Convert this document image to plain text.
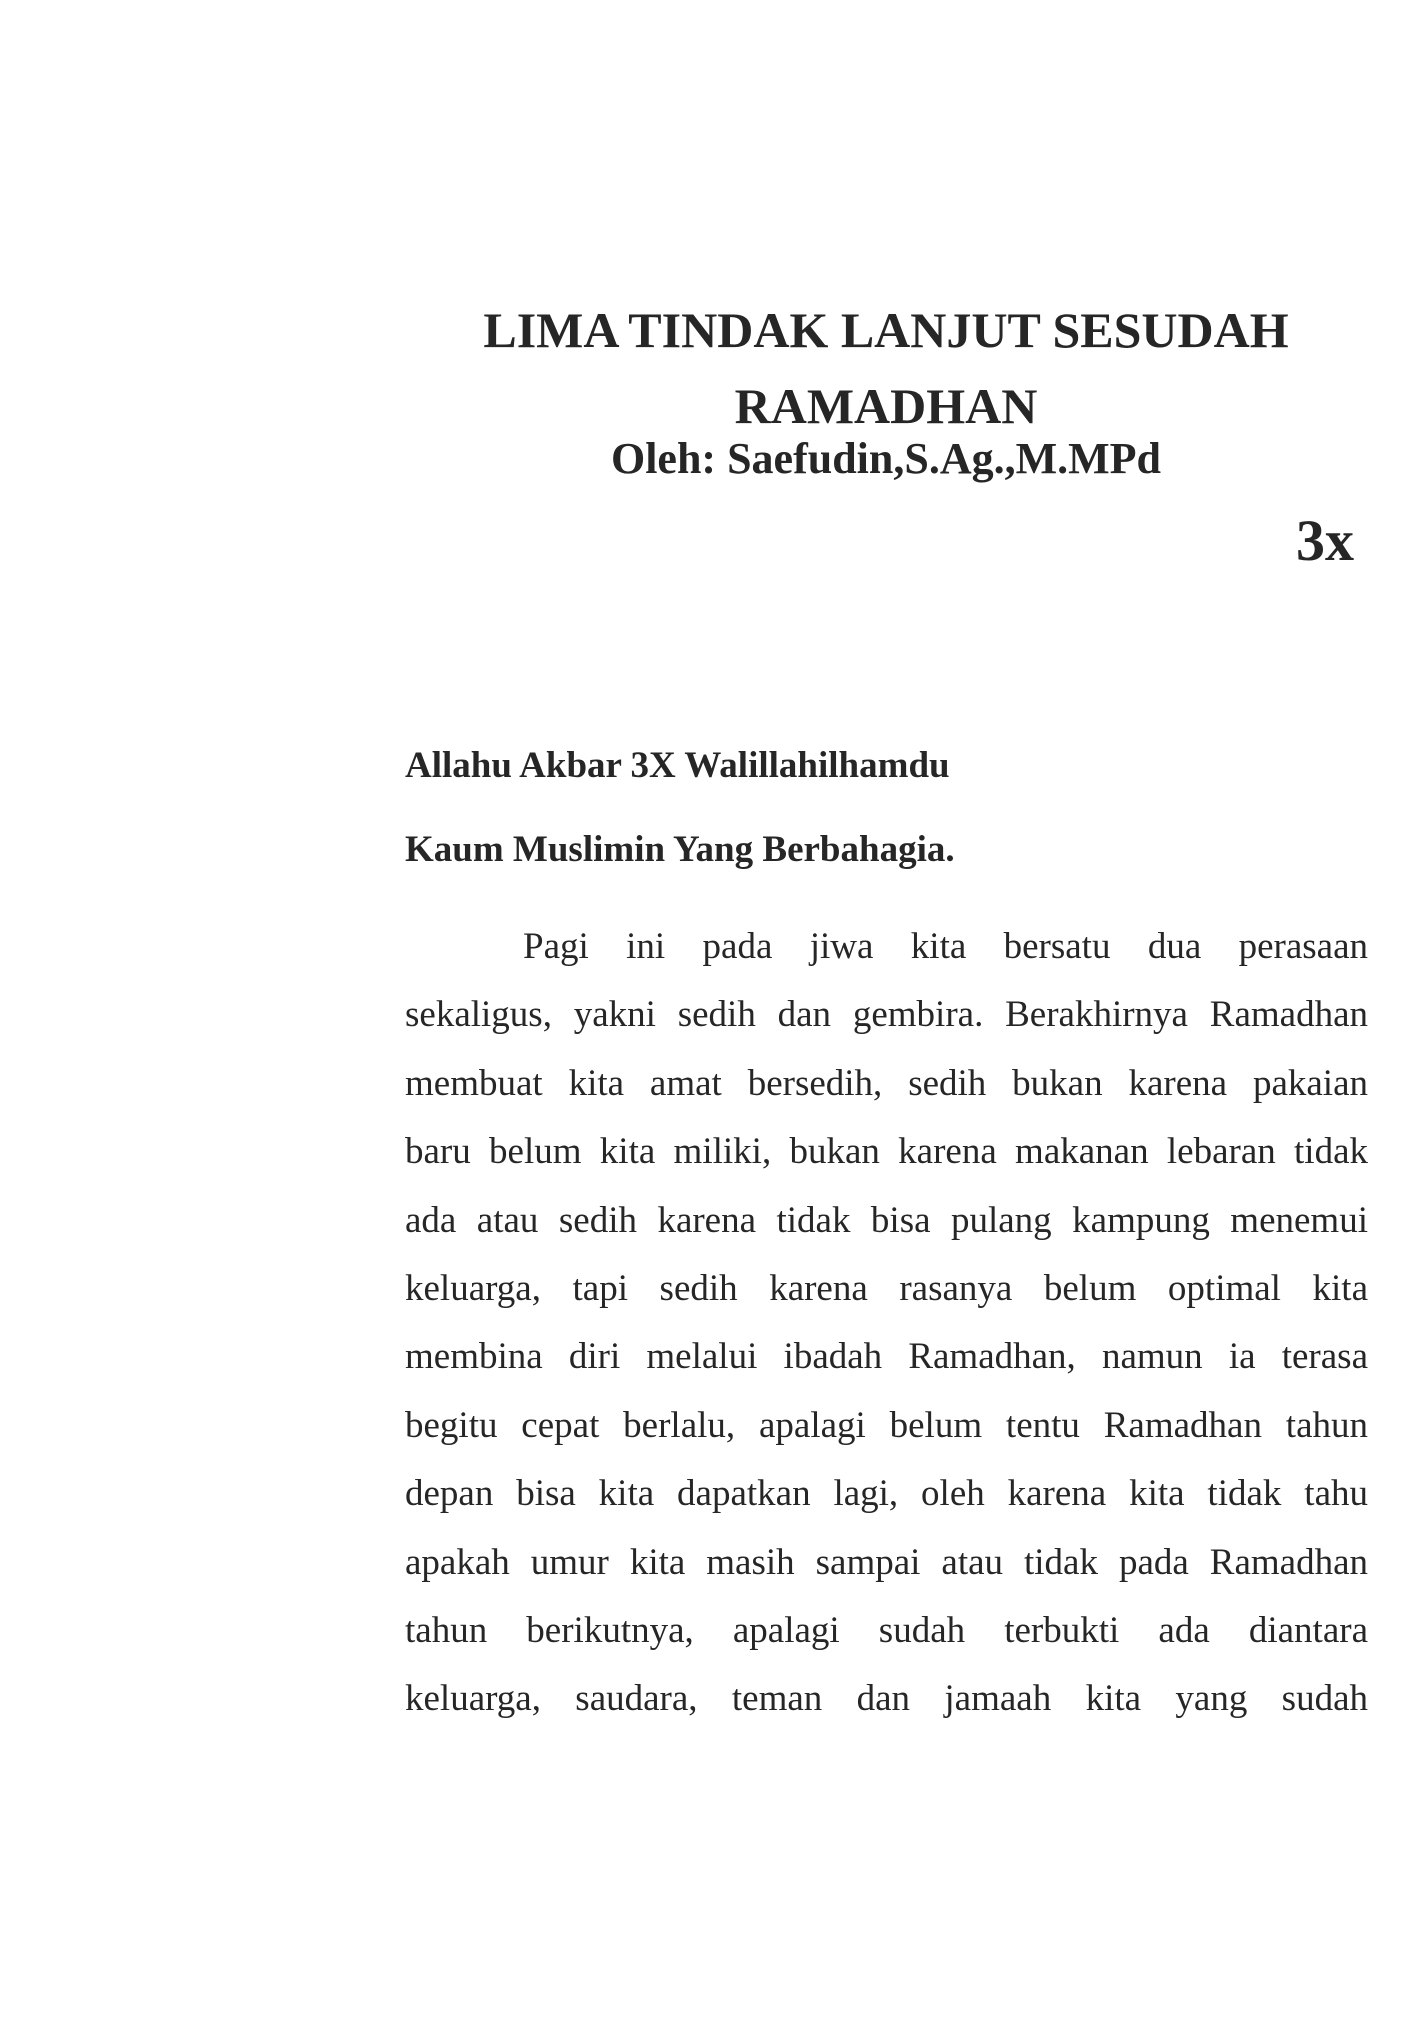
LIMA TINDAK LANJUT SESUDAH
RAMADHAN

Oleh: Saefudin,S.Ag.,M.MPd

3x

Allahu Akbar 3X Walillahilhamdu

Kaum Muslimin Yang Berbahagia.

Pagi ini pada jiwa kita bersatu dua perasaan
sekaligus, yakni sedih dan gembira. Berakhirnya Ramadhan
membuat kita amat bersedih, sedih bukan karena pakaian
baru belum kita miliki, bukan karena makanan lebaran tidak
ada atau sedih karena tidak bisa pulang kampung menemui
keluarga, tapi sedih karena rasanya belum optimal kita
membina diri melalui ibadah Ramadhan, namun ia terasa
begitu cepat berlalu, apalagi belum tentu Ramadhan tahun
depan bisa kita dapatkan lagi, oleh karena kita tidak tahu
apakah umur kita masih sampai atau tidak pada Ramadhan
tahun berikutnya, apalagi sudah terbukti ada diantara
keluarga, saudara, teman dan jamaah kita yang sudah
